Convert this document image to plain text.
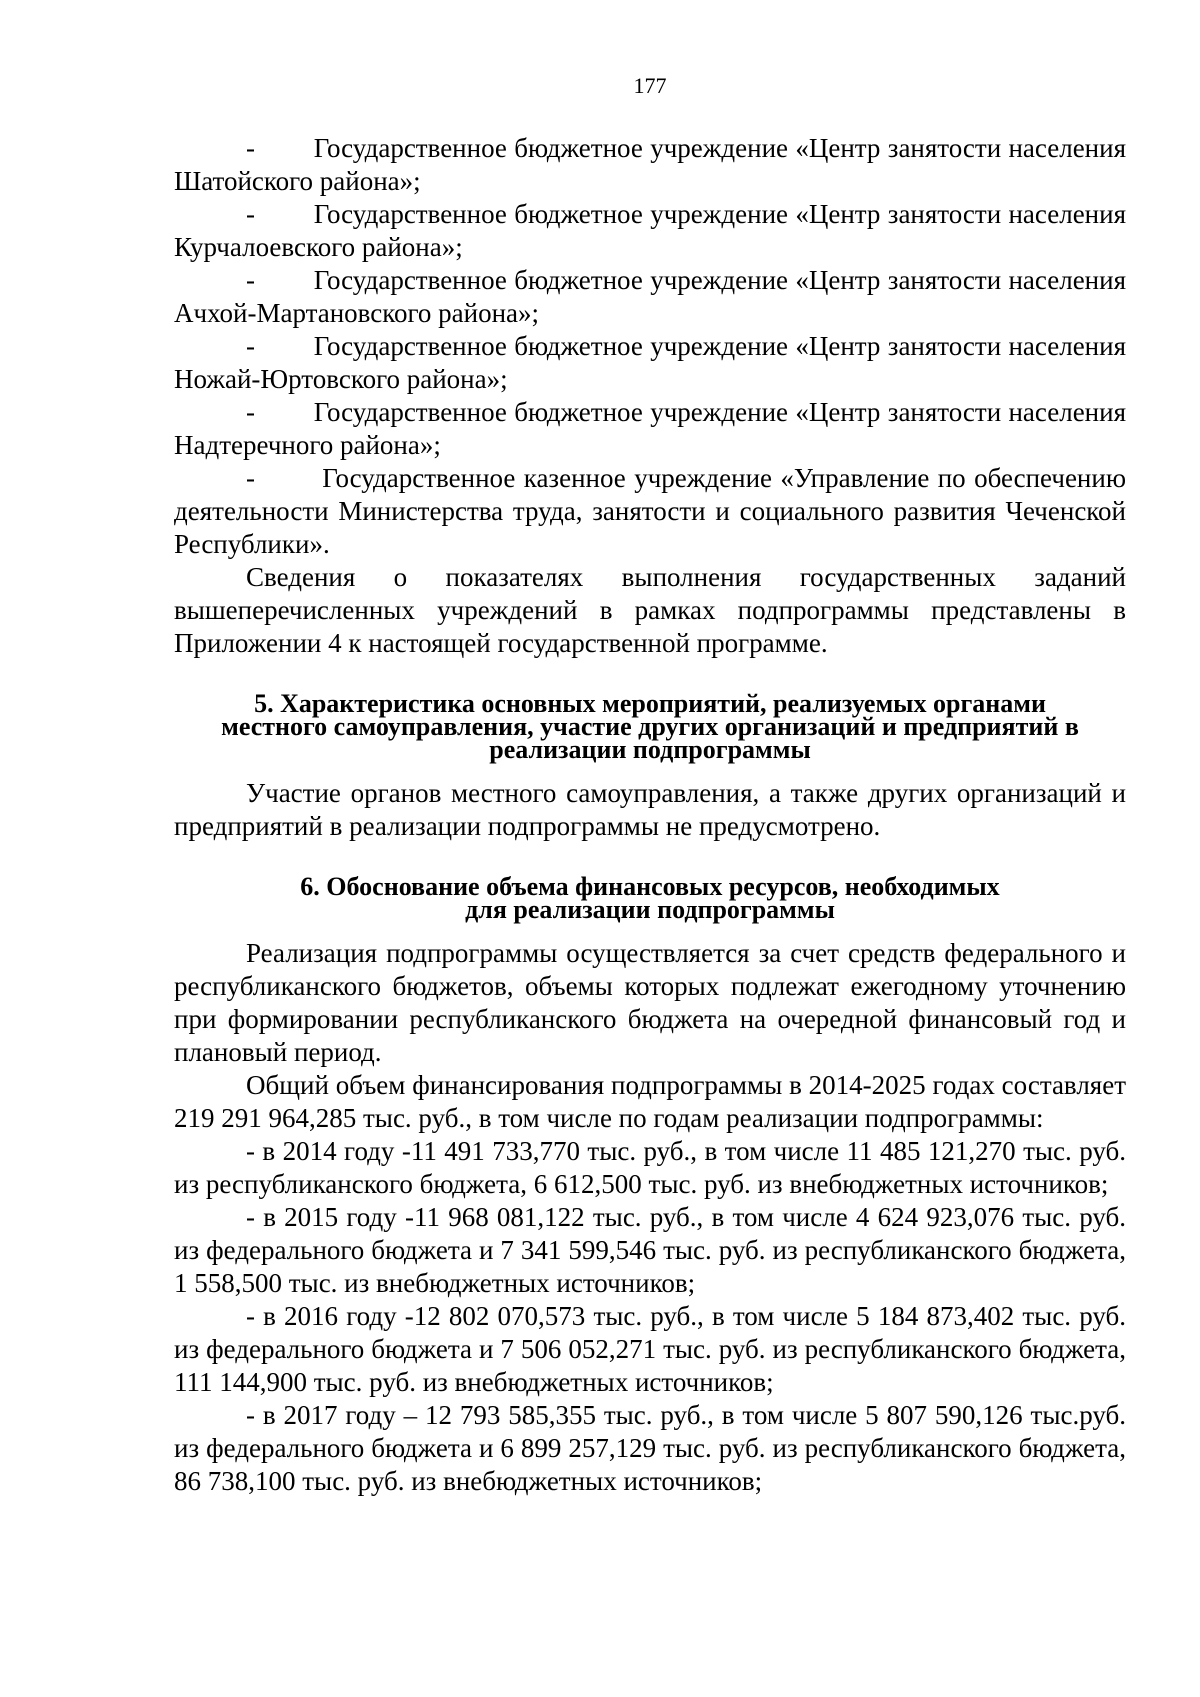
177

-        Государственное бюджетное учреждение «Центр занятости населения Шатойского района»;

-        Государственное бюджетное учреждение «Центр занятости населения Курчалоевского района»;

-        Государственное бюджетное учреждение «Центр занятости населения Ачхой-Мартановского района»;

-        Государственное бюджетное учреждение «Центр занятости населения Ножай-Юртовского района»;

-        Государственное бюджетное учреждение «Центр занятости населения Надтеречного района»;

-        Государственное казенное учреждение «Управление по обеспечению деятельности Министерства труда, занятости и социального развития Чеченской Республики».

Сведения о показателях выполнения государственных заданий вышеперечисленных учреждений в рамках подпрограммы представлены в Приложении 4 к настоящей государственной программе.

5. Характеристика основных мероприятий, реализуемых органами
местного самоуправления, участие других организаций и предприятий в
реализации подпрограммы

Участие органов местного самоуправления, а также других организаций и предприятий в реализации подпрограммы не предусмотрено.

6. Обоснование объема финансовых ресурсов, необходимых
для реализации подпрограммы

Реализация подпрограммы осуществляется за счет средств федерального и республиканского бюджетов, объемы которых подлежат ежегодному уточнению при формировании республиканского бюджета на очередной финансовый год и плановый период.

Общий объем финансирования подпрограммы в 2014-2025 годах составляет 219 291 964,285 тыс. руб., в том числе по годам реализации подпрограммы:

- в 2014 году -11 491 733,770 тыс. руб., в том числе 11 485 121,270 тыс. руб. из республиканского бюджета, 6 612,500 тыс. руб. из внебюджетных источников;

- в 2015 году -11 968 081,122 тыс. руб., в том числе 4 624 923,076 тыс. руб. из федерального бюджета и 7 341 599,546 тыс. руб. из республиканского бюджета, 1 558,500 тыс. из внебюджетных источников;

- в 2016 году -12 802 070,573 тыс. руб., в том числе 5 184 873,402 тыс. руб. из федерального бюджета и 7 506 052,271 тыс. руб. из республиканского бюджета, 111 144,900 тыс. руб. из внебюджетных источников;

- в 2017 году – 12 793 585,355 тыс. руб., в том числе 5 807 590,126 тыс.руб. из федерального бюджета и 6 899 257,129 тыс. руб. из республиканского бюджета, 86 738,100 тыс. руб. из внебюджетных источников;
